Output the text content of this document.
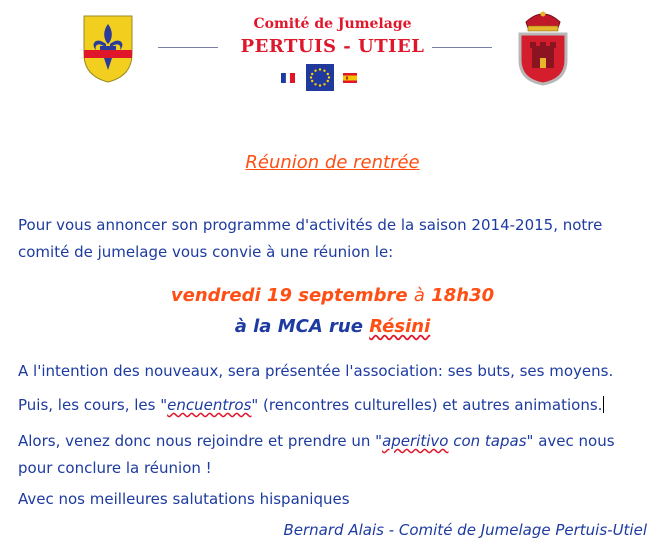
Comité de Jumelage
PERTUIS - UTIEL
Réunion de rentrée
Pour vous annoncer son programme d'activités de la saison 2014-2015, notre comité de jumelage vous convie à une réunion le:
vendredi 19 septembre à 18h30
à la MCA rue Résini
A l'intention des nouveaux, sera présentée l'association: ses buts, ses moyens.
Puis, les cours, les "encuentros" (rencontres culturelles) et autres animations.
Alors, venez donc nous rejoindre et prendre un "aperitivo con tapas" avec nous pour conclure la réunion !
Avec nos meilleures salutations hispaniques
Bernard Alais - Comité de Jumelage Pertuis-Utiel
